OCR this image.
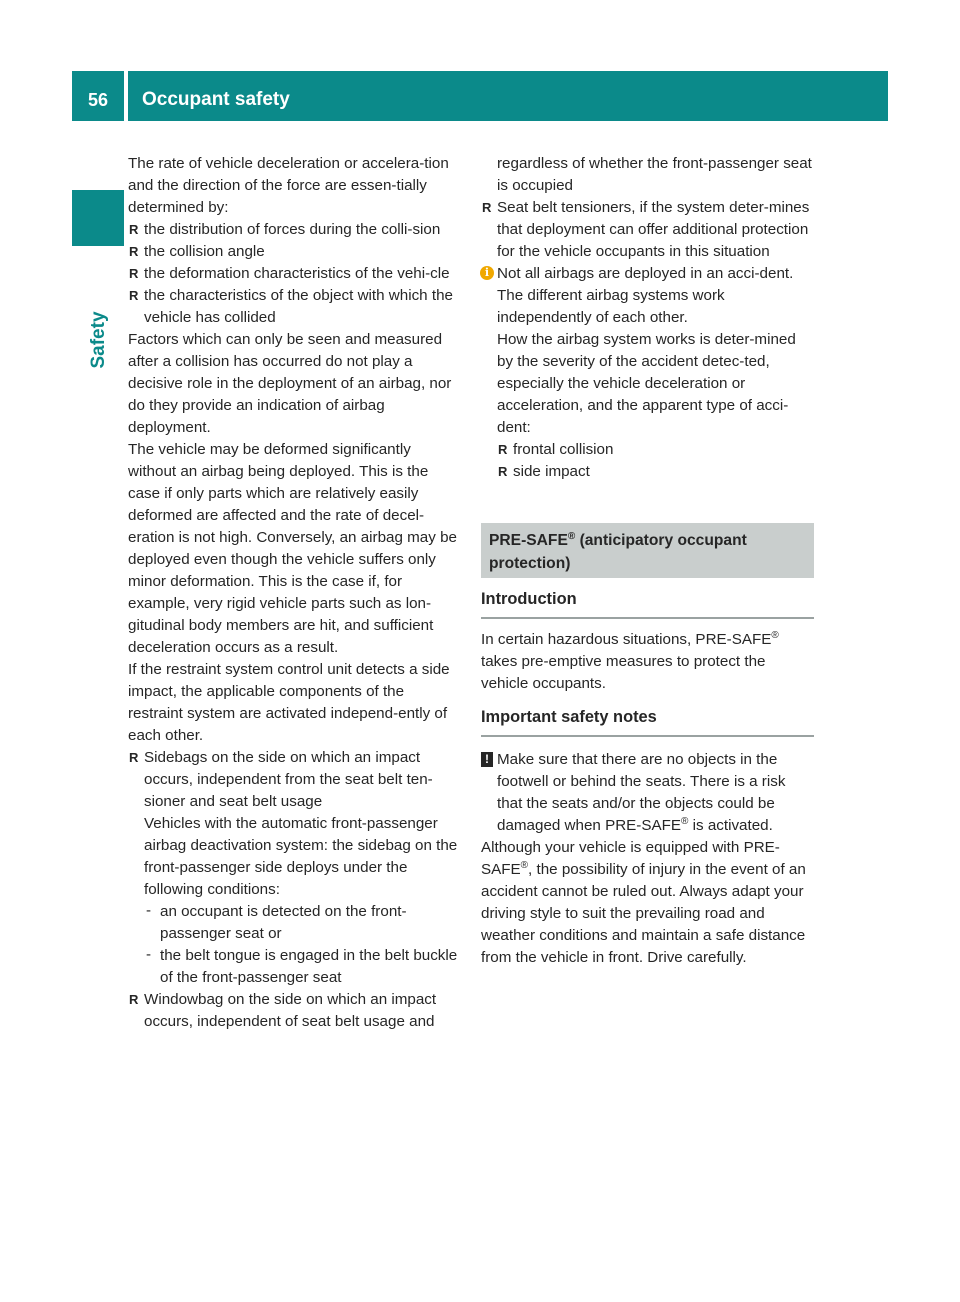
56	Occupant safety
Safety

The rate of vehicle deceleration or accelera-tion and the direction of the force are essen-tially determined by:

R the distribution of forces during the colli-sion
R the collision angle
R the deformation characteristics of the vehi-cle
R the characteristics of the object with which the vehicle has collided

Factors which can only be seen and measured after a collision has occurred do not play a decisive role in the deployment of an airbag, nor do they provide an indication of airbag deployment.

The vehicle may be deformed significantly without an airbag being deployed. This is the case if only parts which are relatively easily deformed are affected and the rate of decel-eration is not high. Conversely, an airbag may be deployed even though the vehicle suffers only minor deformation. This is the case if, for example, very rigid vehicle parts such as lon-gitudinal body members are hit, and sufficient deceleration occurs as a result.

If the restraint system control unit detects a side impact, the applicable components of the restraint system are activated independ-ently of each other.

R Sidebags on the side on which an impact occurs, independent from the seat belt ten-sioner and seat belt usage

Vehicles with the automatic front-passenger airbag deactivation system: the sidebag on the front-passenger side deploys under the following conditions:

- an occupant is detected on the front-passenger seat or
- the belt tongue is engaged in the belt buckle of the front-passenger seat
R Windowbag on the side on which an impact occurs, independent of seat belt usage and

regardless of whether the front-passenger seat is occupied

R Seat belt tensioners, if the system deter-mines that deployment can offer additional protection for the vehicle occupants in this situation
i Not all airbags are deployed in an acci-dent. The different airbag systems work independently of each other.

How the airbag system works is deter-mined by the severity of the accident detec-ted, especially the vehicle deceleration or acceleration, and the apparent type of acci-dent:

R frontal collision
R side impact
PRE-SAFE® (anticipatory occupant protection)
Introduction

In certain hazardous situations, PRE-SAFE® takes pre-emptive measures to protect the vehicle occupants.

Important safety notes
! Make sure that there are no objects in the footwell or behind the seats. There is a risk that the seats and/or the objects could be damaged when PRE-SAFE® is activated.

Although your vehicle is equipped with PRE-SAFE®, the possibility of injury in the event of an accident cannot be ruled out. Always adapt your driving style to suit the prevailing road and weather conditions and maintain a safe distance from the vehicle in front. Drive carefully.
